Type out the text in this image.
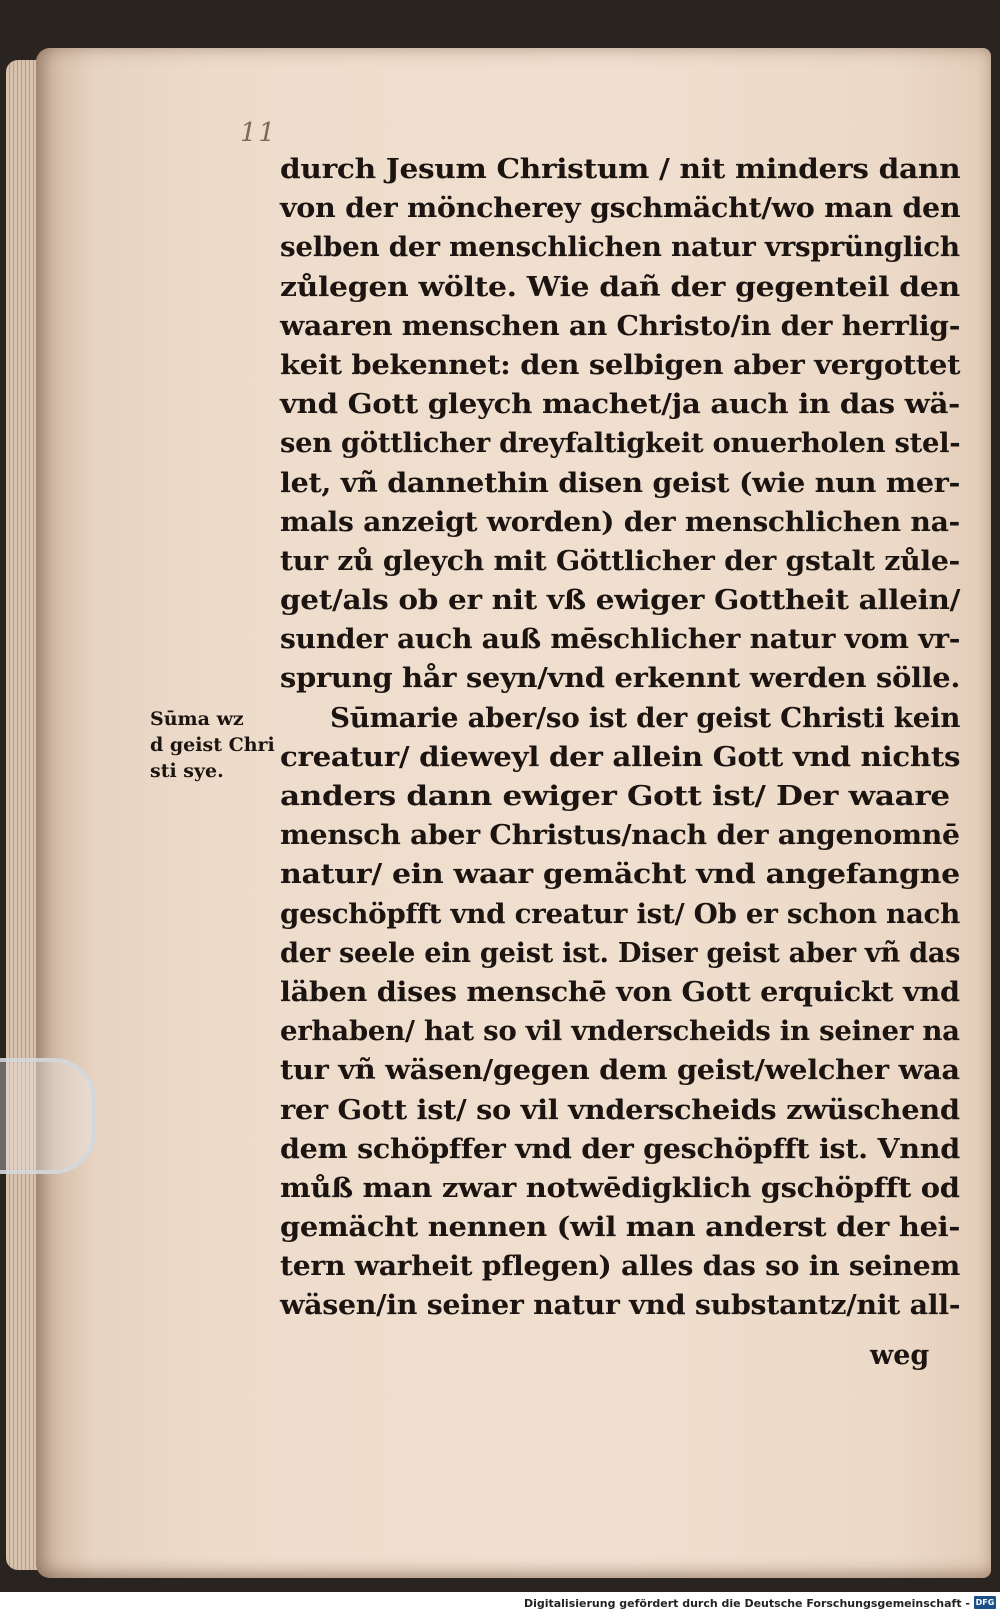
11
Sūma wz
d geist Chri
sti sye.
durch Jesum Christum / nit minders dann
von der möncherey gschmächt/wo man den
selben der menschlichen natur vrsprünglich
zůlegen wölte. Wie dañ der gegenteil den
waaren menschen an Christo/in der herrlig-
keit bekennet: den selbigen aber vergottet
vnd Gott gleych machet/ja auch in das wä-
sen göttlicher dreyfaltigkeit onuerholen stel-
let, vñ dannethin disen geist (wie nun mer-
mals anzeigt worden) der menschlichen na-
tur zů gleych mit Göttlicher der gstalt zůle-
get/als ob er nit vß ewiger Gottheit allein/
sunder auch auß mēschlicher natur vom vr-
sprung hår seyn/vnd erkennt werden sölle.
Sūmarie aber/so ist der geist Christi kein
creatur/ dieweyl der allein Gott vnd nichts
anders dann ewiger Gott ist/ Der waare
mensch aber Christus/nach der angenomnē
natur/ ein waar gemächt vnd angefangne
geschöpfft vnd creatur ist/ Ob er schon nach
der seele ein geist ist. Diser geist aber vñ das
läben dises menschē von Gott erquickt vnd
erhaben/ hat so vil vnderscheids in seiner na
tur vñ wäsen/gegen dem geist/welcher waa
rer Gott ist/ so vil vnderscheids zwüschend
dem schöpffer vnd der geschöpfft ist. Vnnd
můß man zwar notwēdigklich gschöpfft od
gemächt nennen (wil man anderst der hei-
tern warheit pflegen) alles das so in seinem
wäsen/in seiner natur vnd substantz/nit all-
weg
Digitalisierung gefördert durch die Deutsche Forschungsgemeinschaft - DFG
